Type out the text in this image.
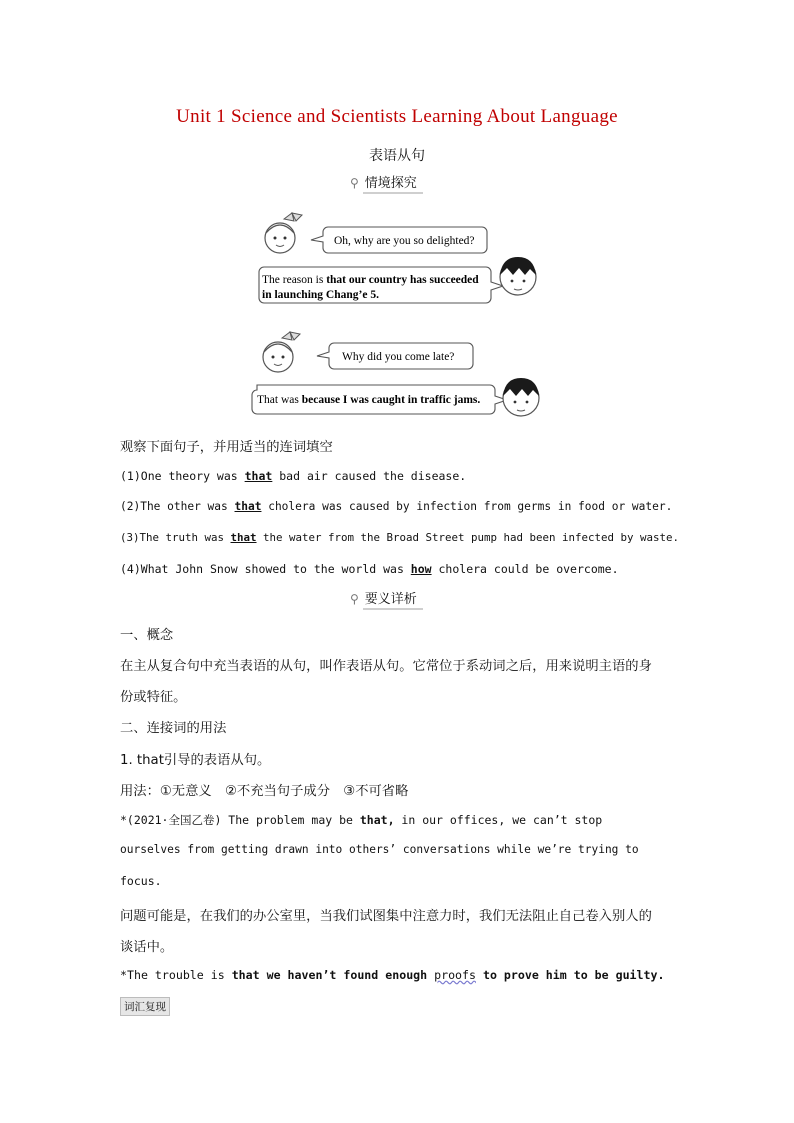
Unit 1 Science and Scientists Learning About Language
表语从句
⚲ 情境探究
Oh, why are you so delighted?
The reason is that our country has succeeded
in launching Chang’e 5.
Why did you come late?
That was because I was caught in traffic jams.
观察下面句子，并用适当的连词填空
(1)One theory was that bad air caused the disease.
(2)The other was that cholera was caused by infection from germs in food or water.
(3)The truth was that the water from the Broad Street pump had been infected by waste.
(4)What John Snow showed to the world was how cholera could be overcome.
⚲ 要义详析
一、概念
在主从复合句中充当表语的从句，叫作表语从句。它常位于系动词之后，用来说明主语的身
份或特征。
二、连接词的用法
1. that引导的表语从句。
用法：①无意义　②不充当句子成分　③不可省略
*(2021·全国乙卷) The problem may be that, in our offices, we can’t stop
ourselves from getting drawn into others’ conversations while we’re trying to
focus.
问题可能是，在我们的办公室里，当我们试图集中注意力时，我们无法阻止自己卷入别人的
谈话中。
*The trouble is that we haven’t found enough proofs to prove him to be guilty.
词汇复现
